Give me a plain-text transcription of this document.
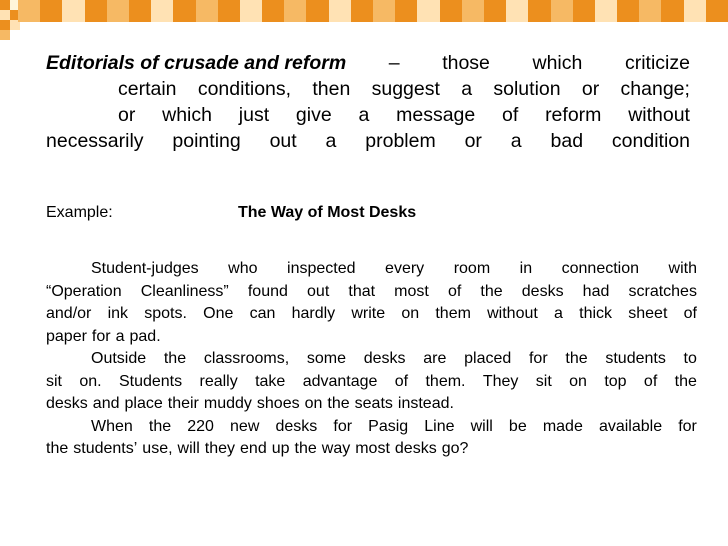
Editorials of crusade and reform – those which criticize
certain conditions, then suggest a solution or change;
or which just give a message of reform without
necessarily pointing out a problem or a bad condition
Example:	The Way of Most Desks
Student-judges who inspected every room in connection with
“Operation Cleanliness” found out that most of the desks had scratches
and/or ink spots. One can hardly write on them without a thick sheet of
paper for a pad.
Outside the classrooms, some desks are placed for the students to
sit on. Students really take advantage of them. They sit on top of the
desks and place their muddy shoes on the seats instead.
When the 220 new desks for Pasig Line will be made available for
the students’ use, will they end up the way most desks go?
